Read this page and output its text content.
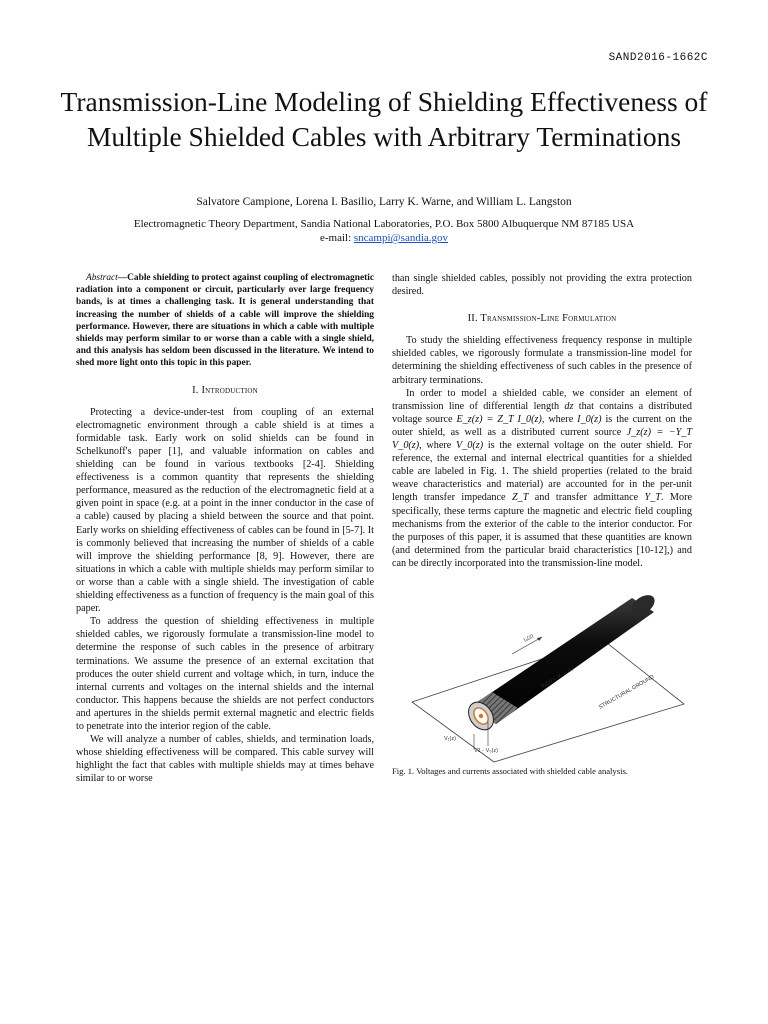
SAND2016-1662C
Transmission-Line Modeling of Shielding Effectiveness of Multiple Shielded Cables with Arbitrary Terminations
Salvatore Campione, Lorena I. Basilio, Larry K. Warne, and William L. Langston
Electromagnetic Theory Department, Sandia National Laboratories, P.O. Box 5800 Albuquerque NM 87185 USA
e-mail: sncampi@sandia.gov
Abstract—Cable shielding to protect against coupling of electromagnetic radiation into a component or circuit, particularly over large frequency bands, is at times a challenging task. It is general understanding that increasing the number of shields of a cable will improve the shielding performance. However, there are situations in which a cable with multiple shields may perform similar to or worse than a cable with a single shield, and this analysis has seldom been discussed in the literature. We intend to shed more light onto this topic in this paper.
I. Introduction

Protecting a device-under-test from coupling of an external electromagnetic environment through a cable shield is at times a formidable task. Early work on solid shields can be found in Schelkunoff's paper [1], and valuable information on cables and shielding can be found in various textbooks [2-4]. Shielding effectiveness is a common quantity that represents the shielding performance, measured as the reduction of the electromagnetic field at a given point in space (e.g. at a point in the inner conductor in the case of a cable) caused by placing a shield between the source and that point. Early works on shielding effectiveness of cables can be found in [5-7]. It is commonly believed that increasing the number of shields of a cable will improve the shielding performance [8, 9]. However, there are situations in which a cable with multiple shields may perform similar to or worse than a cable with a single shield. The investigation of cable shielding effectiveness as a function of frequency is the main goal of this paper.

To address the question of shielding effectiveness in multiple shielded cables, we rigorously formulate a transmission-line model to determine the response of such cables in the presence of arbitrary terminations. We assume the presence of an external excitation that produces the outer shield current and voltage which, in turn, induce the internal currents and voltages on the internal shields and the internal conductor. This happens because the shields are not perfect conductors and apertures in the shields permit external magnetic and electric fields to penetrate into the interior region of the cable.

We will analyze a number of cables, shields, and termination loads, whose shielding effectiveness will be compared. This cable survey will highlight the fact that cables with multiple shields may at times behave similar to or worse

than single shielded cables, possibly not providing the extra protection desired.

II. Transmission-Line Formulation

To study the shielding effectiveness frequency response in multiple shielded cables, we rigorously formulate a transmission-line model for determining the shielding effectiveness of such cables in the presence of arbitrary terminations.

In order to model a shielded cable, we consider an element of transmission line of differential length dz that contains a distributed voltage source E_z(z) = Z_T I_0(z), where I_0(z) is the current on the outer shield, as well as a distributed current source J_z(z) = −Y_T V_0(z), where V_0(z) is the external voltage on the outer shield. For reference, the external and internal electrical quantities for a shielded cable are labeled in Fig. 1. The shield properties (related to the braid weave characteristics and material) are accounted for in the per-unit length transfer impedance Z_T and transfer admittance Y_T. More specifically, these terms capture the magnetic and electric field coupling mechanisms from the exterior of the cable to the interior conductor. For the purposes of this paper, it is assumed that these quantities are known (and determined from the particular braid characteristics [10-12],) and can be directly incorporated into the transmission-line model.

I₀(z)
V₀(z) = V₀ + V₁
V₁(z)
V1 - V₀(z)
STRUCTURAL GROUND
Fig. 1. Voltages and currents associated with shielded cable analysis.
